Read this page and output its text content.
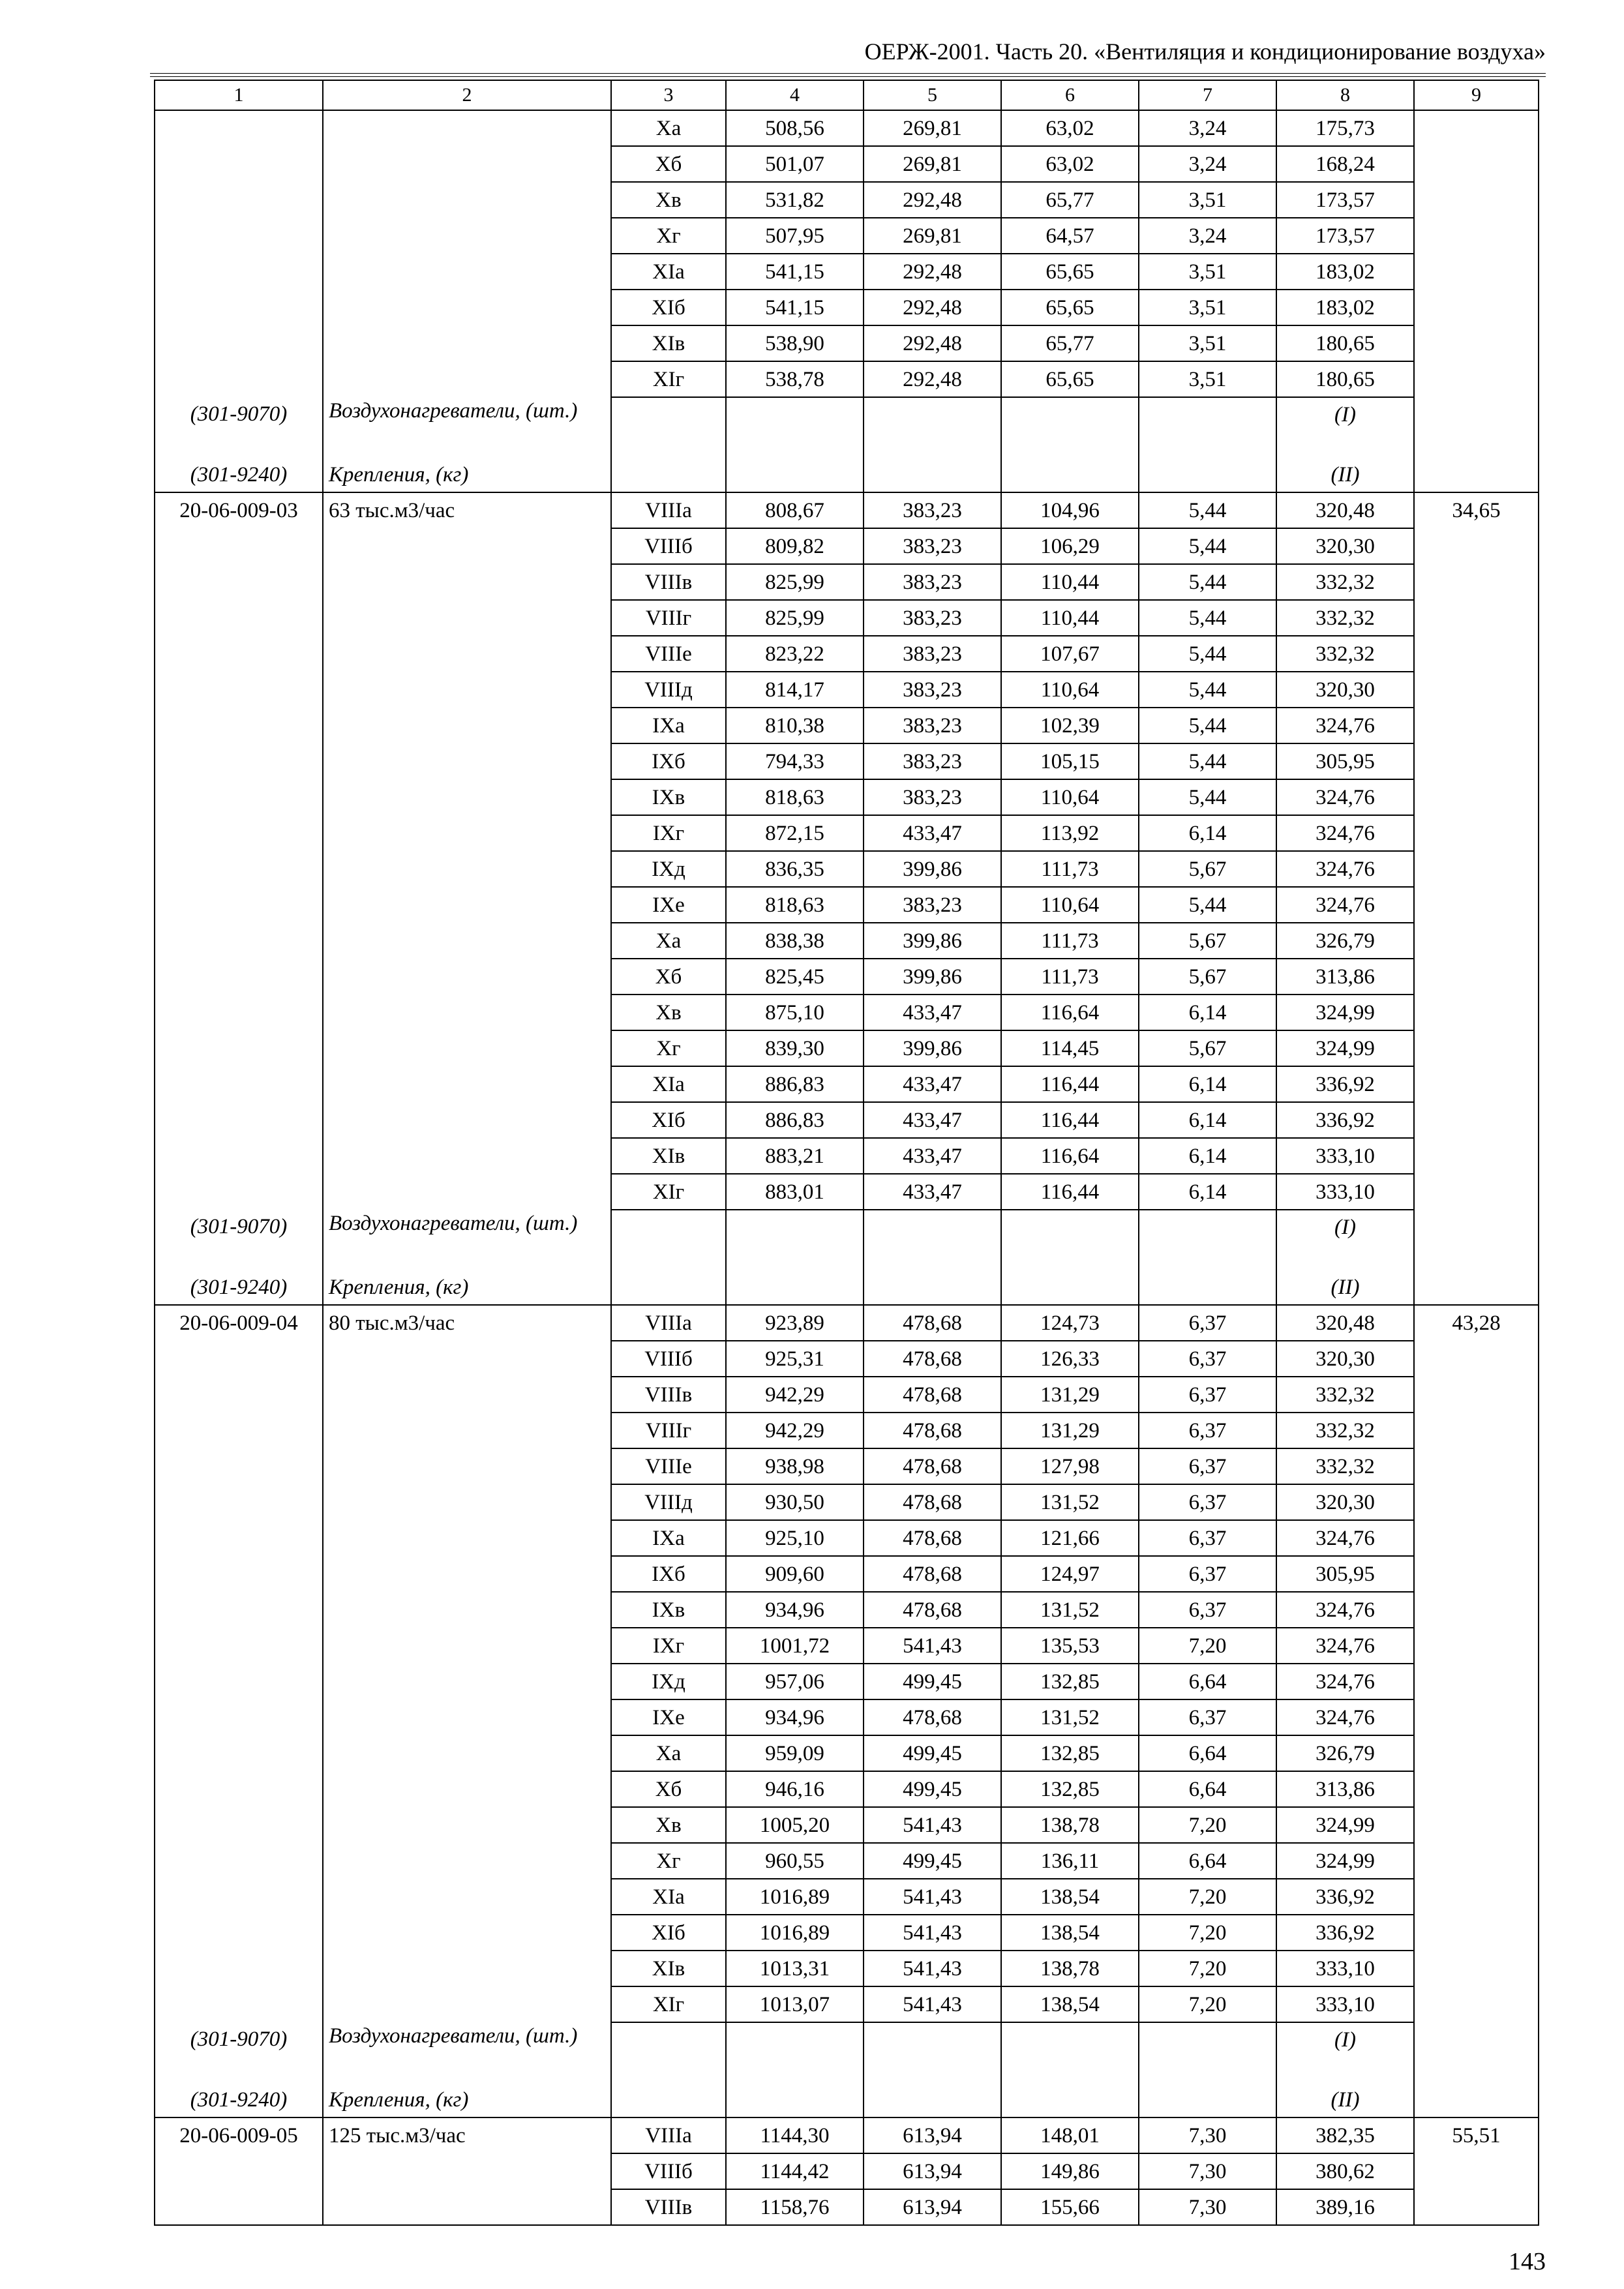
ОЕРЖ-2001. Часть 20. «Вентиляция и кондиционирование воздуха»
1	2	3	4	5	6	7	8	9
		Ха	508,56	269,81	63,02	3,24	175,73	
		Хб	501,07	269,81	63,02	3,24	168,24	
		Хв	531,82	292,48	65,77	3,51	173,57	
		Хг	507,95	269,81	64,57	3,24	173,57	
		ХIа	541,15	292,48	65,65	3,51	183,02	
		ХIб	541,15	292,48	65,65	3,51	183,02	
		ХIв	538,90	292,48	65,77	3,51	180,65	
		ХIг	538,78	292,48	65,65	3,51	180,65	
(301-9070)	Воздухонагреватели, (шт.)						(I)	
(301-9240)	Крепления, (кг)						(II)	
20-06-009-03	63 тыс.м3/час	VIIIа	808,67	383,23	104,96	5,44	320,48	34,65
		VIIIб	809,82	383,23	106,29	5,44	320,30	
		VIIIв	825,99	383,23	110,44	5,44	332,32	
		VIIIг	825,99	383,23	110,44	5,44	332,32	
		VIIIе	823,22	383,23	107,67	5,44	332,32	
		VIIIд	814,17	383,23	110,64	5,44	320,30	
		IХа	810,38	383,23	102,39	5,44	324,76	
		IХб	794,33	383,23	105,15	5,44	305,95	
		IХв	818,63	383,23	110,64	5,44	324,76	
		IХг	872,15	433,47	113,92	6,14	324,76	
		IХд	836,35	399,86	111,73	5,67	324,76	
		IХе	818,63	383,23	110,64	5,44	324,76	
		Ха	838,38	399,86	111,73	5,67	326,79	
		Хб	825,45	399,86	111,73	5,67	313,86	
		Хв	875,10	433,47	116,64	6,14	324,99	
		Хг	839,30	399,86	114,45	5,67	324,99	
		ХIа	886,83	433,47	116,44	6,14	336,92	
		ХIб	886,83	433,47	116,44	6,14	336,92	
		ХIв	883,21	433,47	116,64	6,14	333,10	
		ХIг	883,01	433,47	116,44	6,14	333,10	
(301-9070)	Воздухонагреватели, (шт.)						(I)	
(301-9240)	Крепления, (кг)						(II)	
20-06-009-04	80 тыс.м3/час	VIIIа	923,89	478,68	124,73	6,37	320,48	43,28
		VIIIб	925,31	478,68	126,33	6,37	320,30	
		VIIIв	942,29	478,68	131,29	6,37	332,32	
		VIIIг	942,29	478,68	131,29	6,37	332,32	
		VIIIе	938,98	478,68	127,98	6,37	332,32	
		VIIIд	930,50	478,68	131,52	6,37	320,30	
		IХа	925,10	478,68	121,66	6,37	324,76	
		IХб	909,60	478,68	124,97	6,37	305,95	
		IХв	934,96	478,68	131,52	6,37	324,76	
		IХг	1001,72	541,43	135,53	7,20	324,76	
		IХд	957,06	499,45	132,85	6,64	324,76	
		IХе	934,96	478,68	131,52	6,37	324,76	
		Ха	959,09	499,45	132,85	6,64	326,79	
		Хб	946,16	499,45	132,85	6,64	313,86	
		Хв	1005,20	541,43	138,78	7,20	324,99	
		Хг	960,55	499,45	136,11	6,64	324,99	
		ХIа	1016,89	541,43	138,54	7,20	336,92	
		ХIб	1016,89	541,43	138,54	7,20	336,92	
		ХIв	1013,31	541,43	138,78	7,20	333,10	
		ХIг	1013,07	541,43	138,54	7,20	333,10	
(301-9070)	Воздухонагреватели, (шт.)						(I)	
(301-9240)	Крепления, (кг)						(II)	
20-06-009-05	125 тыс.м3/час	VIIIа	1144,30	613,94	148,01	7,30	382,35	55,51
		VIIIб	1144,42	613,94	149,86	7,30	380,62	
		VIIIв	1158,76	613,94	155,66	7,30	389,16	
143
